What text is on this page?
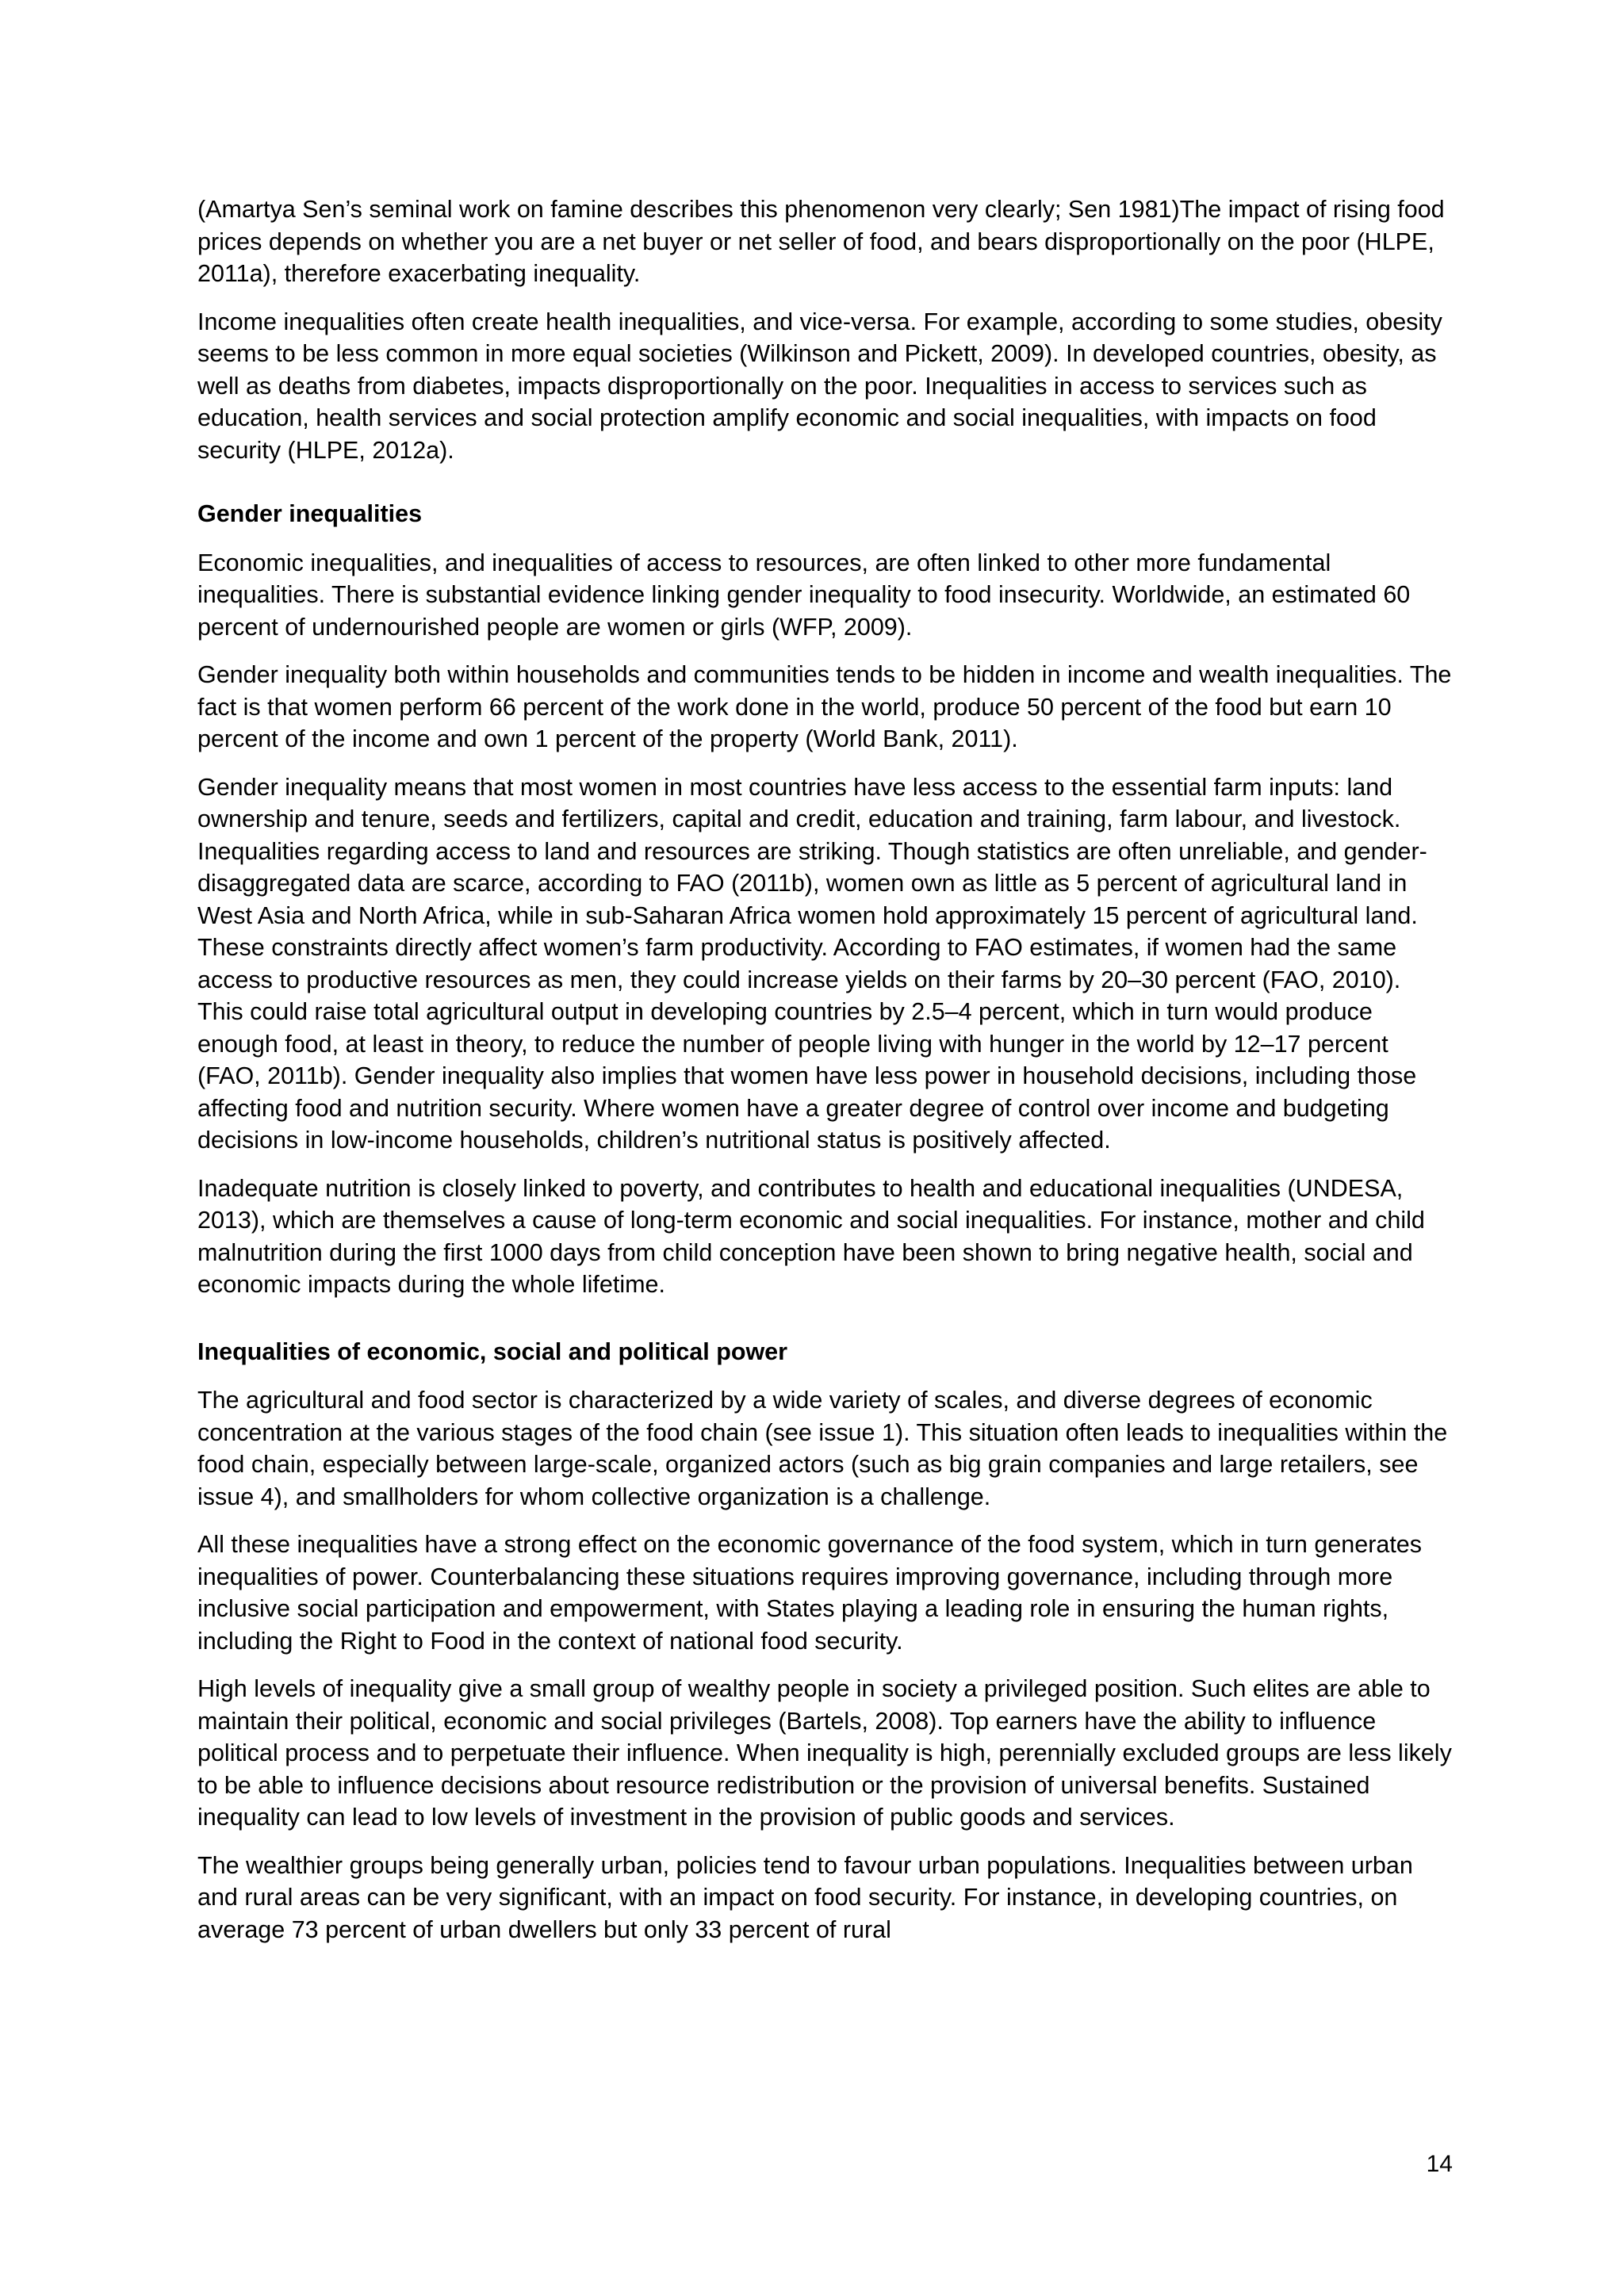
(Amartya Sen’s seminal work on famine describes this phenomenon very clearly; Sen 1981)The impact of rising food prices depends on whether you are a net buyer or net seller of food, and bears disproportionally on the poor (HLPE, 2011a), therefore exacerbating inequality.

Income inequalities often create health inequalities, and vice-versa. For example, according to some studies, obesity seems to be less common in more equal societies (Wilkinson and Pickett, 2009). In developed countries, obesity, as well as deaths from diabetes, impacts disproportionally on the poor. Inequalities in access to services such as education, health services and social protection amplify economic and social inequalities, with impacts on food security (HLPE, 2012a).

Gender inequalities

Economic inequalities, and inequalities of access to resources, are often linked to other more fundamental inequalities. There is substantial evidence linking gender inequality to food insecurity. Worldwide, an estimated 60 percent of undernourished people are women or girls (WFP, 2009).

Gender inequality both within households and communities tends to be hidden in income and wealth inequalities. The fact is that women perform 66 percent of the work done in the world, produce 50 percent of the food but earn 10 percent of the income and own 1 percent of the property (World Bank, 2011).

Gender inequality means that most women in most countries have less access to the essential farm inputs: land ownership and tenure, seeds and fertilizers, capital and credit, education and training, farm labour, and livestock. Inequalities regarding access to land and resources are striking. Though statistics are often unreliable, and gender-disaggregated data are scarce, according to FAO (2011b), women own as little as 5 percent of agricultural land in West Asia and North Africa, while in sub-Saharan Africa women hold approximately 15 percent of agricultural land. These constraints directly affect women’s farm productivity. According to FAO estimates, if women had the same access to productive resources as men, they could increase yields on their farms by 20–30 percent (FAO, 2010). This could raise total agricultural output in developing countries by 2.5–4 percent, which in turn would produce enough food, at least in theory, to reduce the number of people living with hunger in the world by 12–17 percent (FAO, 2011b). Gender inequality also implies that women have less power in household decisions, including those affecting food and nutrition security. Where women have a greater degree of control over income and budgeting decisions in low-income households, children’s nutritional status is positively affected.

Inadequate nutrition is closely linked to poverty, and contributes to health and educational inequalities (UNDESA, 2013), which are themselves a cause of long-term economic and social inequalities. For instance, mother and child malnutrition during the first 1000 days from child conception have been shown to bring negative health, social and economic impacts during the whole lifetime.

Inequalities of economic, social and political power

The agricultural and food sector is characterized by a wide variety of scales, and diverse degrees of economic concentration at the various stages of the food chain (see issue 1). This situation often leads to inequalities within the food chain, especially between large-scale, organized actors (such as big grain companies and large retailers, see issue 4), and smallholders for whom collective organization is a challenge.

All these inequalities have a strong effect on the economic governance of the food system, which in turn generates inequalities of power. Counterbalancing these situations requires improving governance, including through more inclusive social participation and empowerment, with States playing a leading role in ensuring the human rights, including the Right to Food in the context of national food security.

High levels of inequality give a small group of wealthy people in society a privileged position. Such elites are able to maintain their political, economic and social privileges (Bartels, 2008). Top earners have the ability to influence political process and to perpetuate their influence. When inequality is high, perennially excluded groups are less likely to be able to influence decisions about resource redistribution or the provision of universal benefits. Sustained inequality can lead to low levels of investment in the provision of public goods and services.

The wealthier groups being generally urban, policies tend to favour urban populations. Inequalities between urban and rural areas can be very significant, with an impact on food security. For instance, in developing countries, on average 73 percent of urban dwellers but only 33 percent of rural

14
